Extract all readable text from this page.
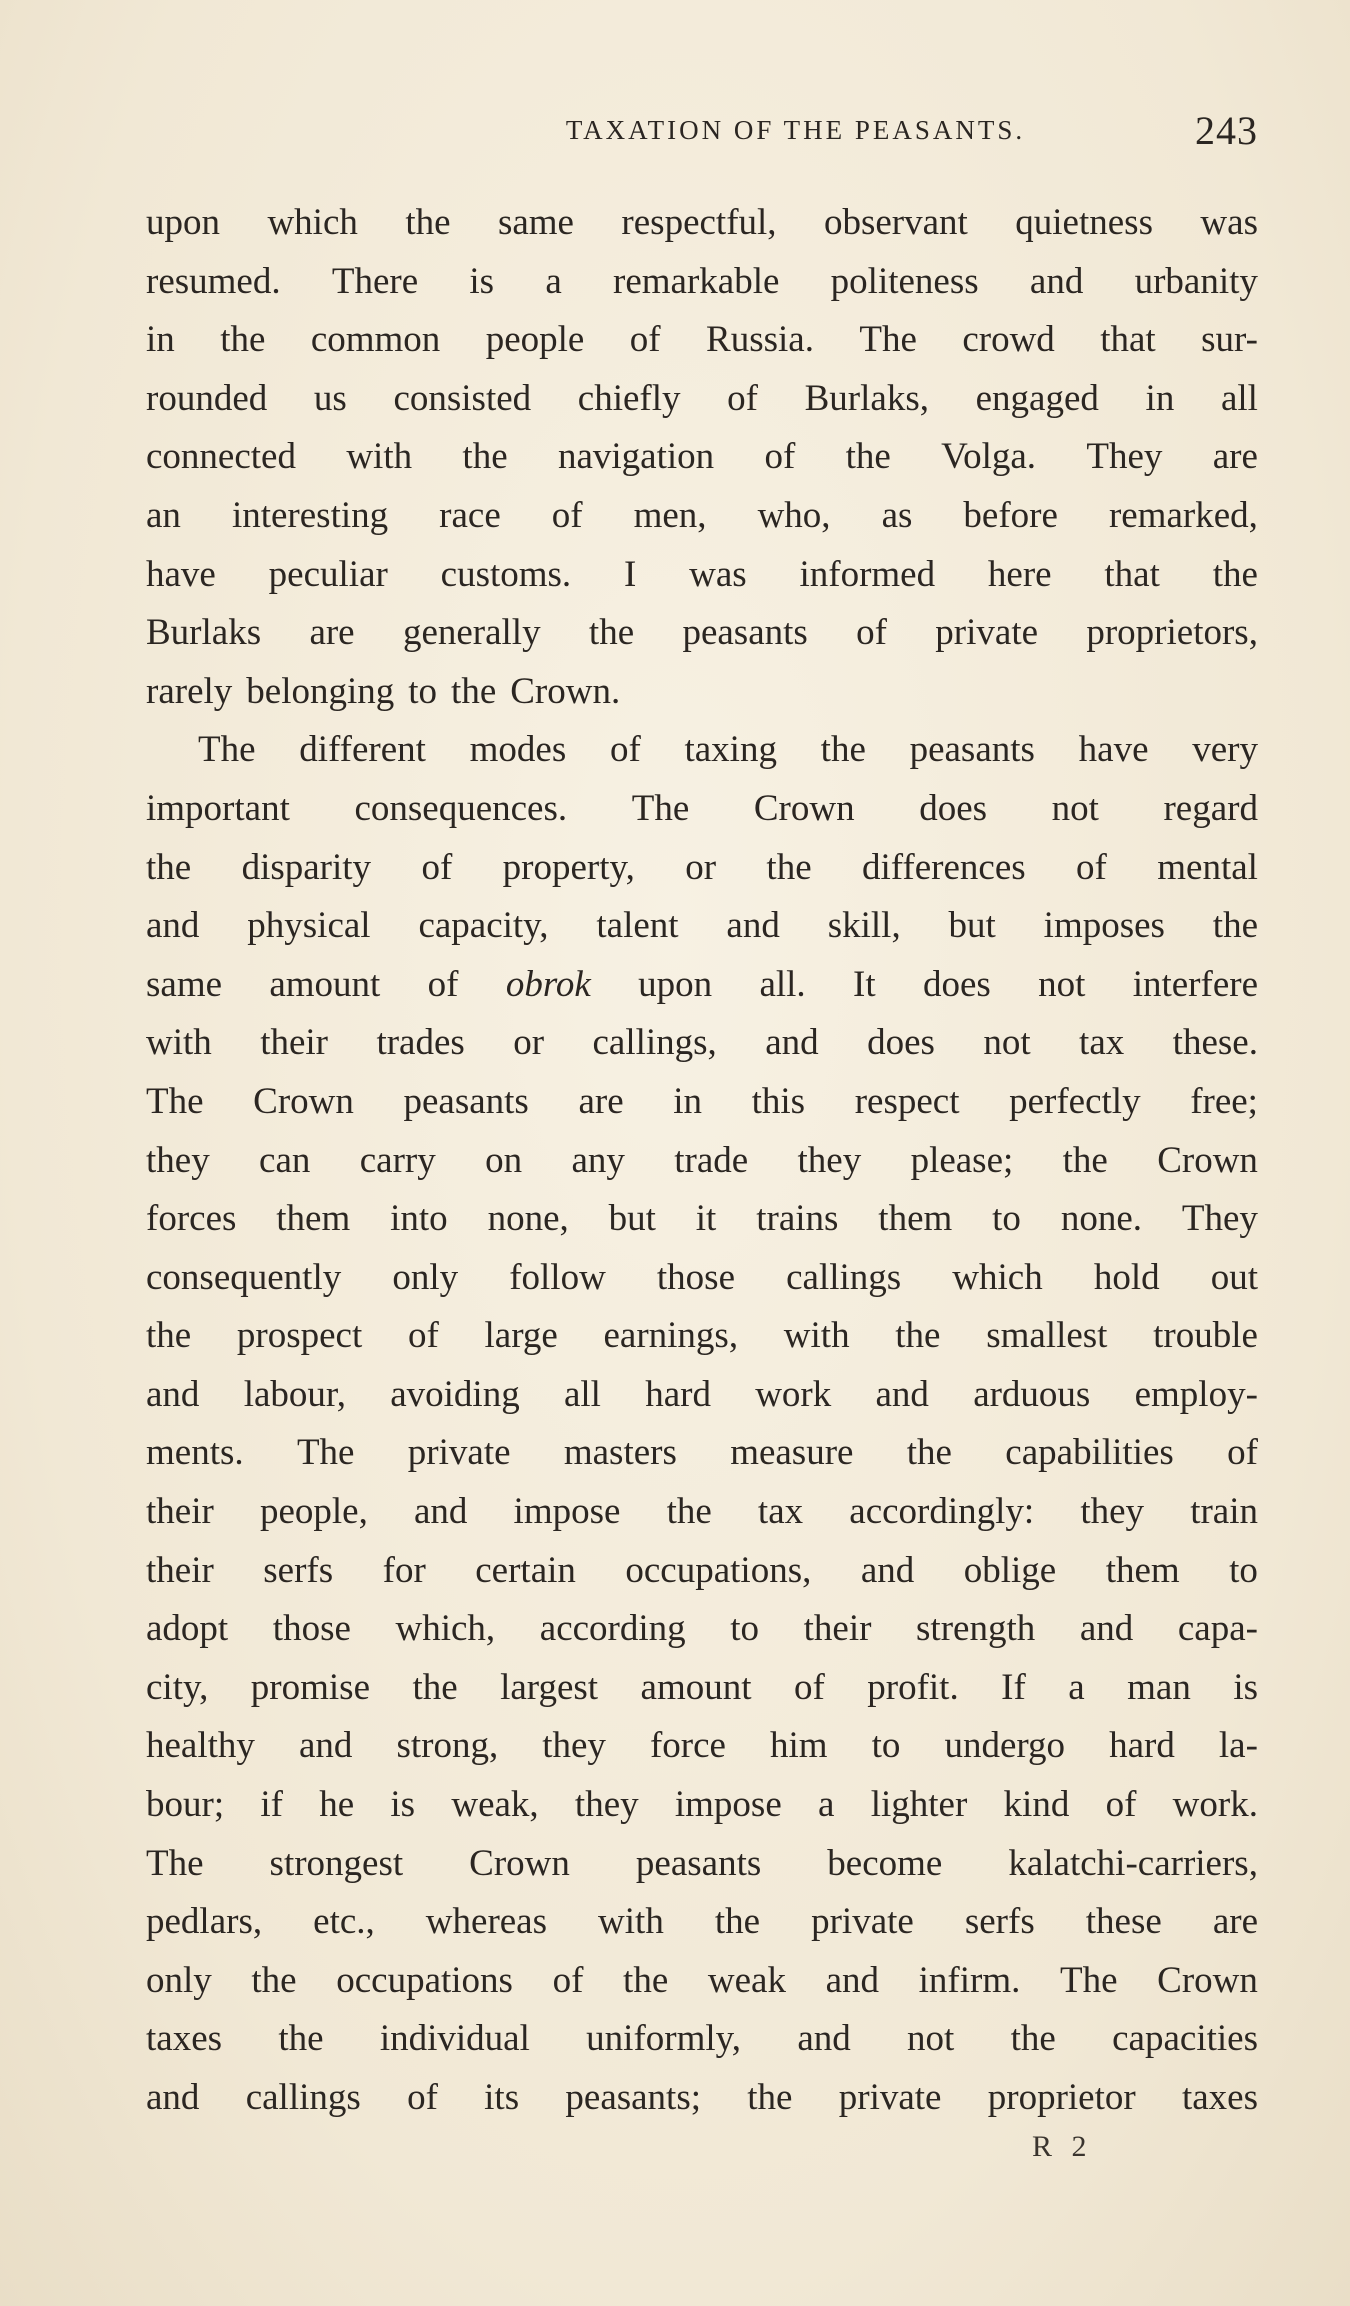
TAXATION OF THE PEASANTS.	243
upon which the same respectful, observant quietness was
resumed. There is a remarkable politeness and urbanity
in the common people of Russia. The crowd that sur-
rounded us consisted chiefly of Burlaks, engaged in all
connected with the navigation of the Volga. They are
an interesting race of men, who, as before remarked,
have peculiar customs. I was informed here that the
Burlaks are generally the peasants of private proprietors,
rarely belonging to the Crown.
The different modes of taxing the peasants have very
important consequences. The Crown does not regard
the disparity of property, or the differences of mental
and physical capacity, talent and skill, but imposes the
same amount of obrok upon all. It does not interfere
with their trades or callings, and does not tax these.
The Crown peasants are in this respect perfectly free;
they can carry on any trade they please; the Crown
forces them into none, but it trains them to none. They
consequently only follow those callings which hold out
the prospect of large earnings, with the smallest trouble
and labour, avoiding all hard work and arduous employ-
ments. The private masters measure the capabilities of
their people, and impose the tax accordingly: they train
their serfs for certain occupations, and oblige them to
adopt those which, according to their strength and capa-
city, promise the largest amount of profit. If a man is
healthy and strong, they force him to undergo hard la-
bour; if he is weak, they impose a lighter kind of work.
The strongest Crown peasants become kalatchi-carriers,
pedlars, etc., whereas with the private serfs these are
only the occupations of the weak and infirm. The Crown
taxes the individual uniformly, and not the capacities
and callings of its peasants; the private proprietor taxes
R 2
